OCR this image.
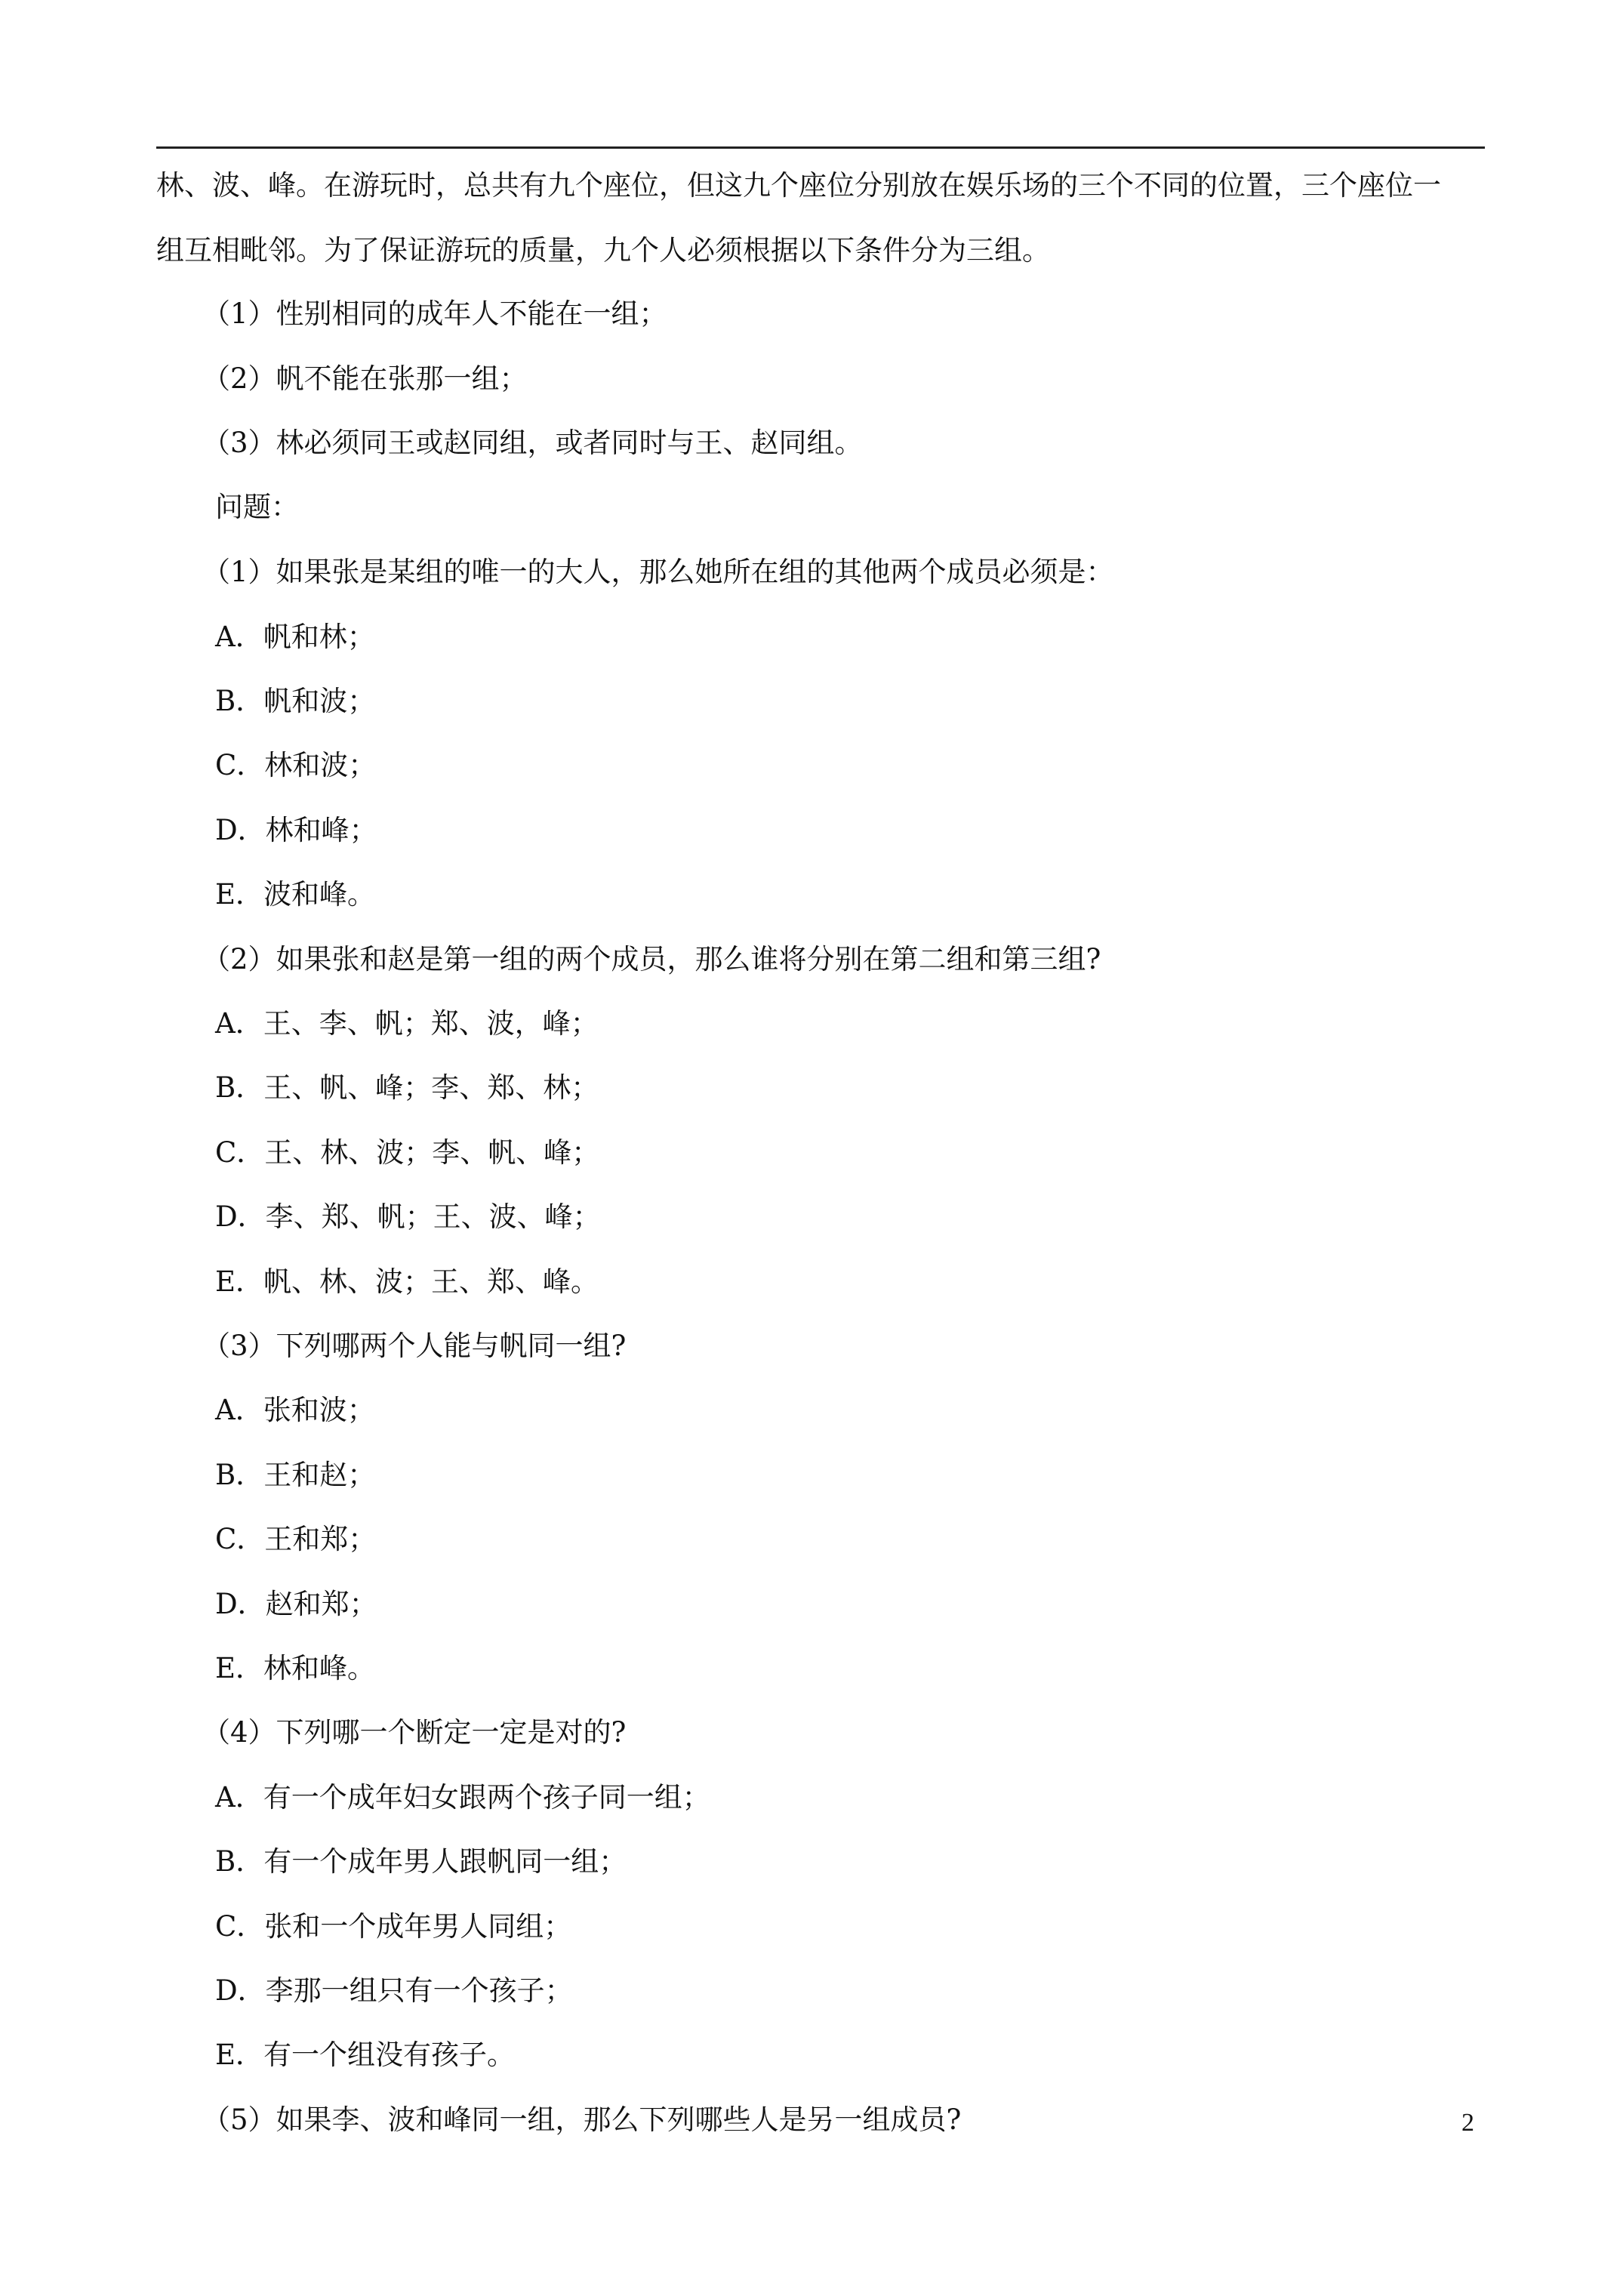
林、波、峰。在游玩时，总共有九个座位，但这九个座位分别放在娱乐场的三个不同的位置，三个座位一
组互相毗邻。为了保证游玩的质量，九个人必须根据以下条件分为三组。
（1）性别相同的成年人不能在一组；
（2）帆不能在张那一组；
（3）林必须同王或赵同组，或者同时与王、赵同组。
问题：
（1）如果张是某组的唯一的大人，那么她所在组的其他两个成员必须是：
A．帆和林；
B．帆和波；
C．林和波；
D．林和峰；
E．波和峰。
（2）如果张和赵是第一组的两个成员，那么谁将分别在第二组和第三组?
A．王、李、帆；郑、波，峰；
B．王、帆、峰；李、郑、林；
C．王、林、波；李、帆、峰；
D．李、郑、帆；王、波、峰；
E．帆、林、波；王、郑、峰。
（3）下列哪两个人能与帆同一组?
A．张和波；
B．王和赵；
C．王和郑；
D．赵和郑；
E．林和峰。
（4）下列哪一个断定一定是对的?
A．有一个成年妇女跟两个孩子同一组；
B．有一个成年男人跟帆同一组；
C．张和一个成年男人同组；
D．李那一组只有一个孩子；
E．有一个组没有孩子。
（5）如果李、波和峰同一组，那么下列哪些人是另一组成员?	2
